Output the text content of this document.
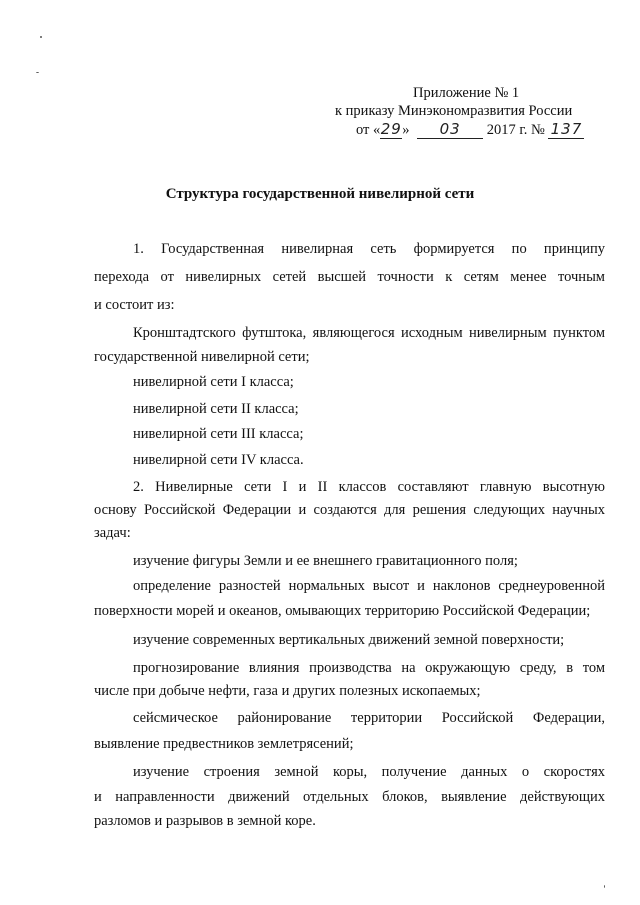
Приложение № 1
к приказу Минэкономразвития России
от «29» 03 2017 г. № 137
Структура государственной нивелирной сети
1. Государственная нивелирная сеть формируется по принципу
перехода от нивелирных сетей высшей точности к сетям менее точным
и состоит из:
Кронштадтского футштока, являющегося исходным нивелирным пунктом
государственной нивелирной сети;
нивелирной сети I класса;
нивелирной сети II класса;
нивелирной сети III класса;
нивелирной сети IV класса.
2. Нивелирные сети I и II классов составляют главную высотную
основу Российской Федерации и создаются для решения следующих научных
задач:
изучение фигуры Земли и ее внешнего гравитационного поля;
определение разностей нормальных высот и наклонов среднеуровенной
поверхности морей и океанов, омывающих территорию Российской Федерации;
изучение современных вертикальных движений земной поверхности;
прогнозирование влияния производства на окружающую среду, в том
числе при добыче нефти, газа и других полезных ископаемых;
сейсмическое районирование территории Российской Федерации,
выявление предвестников землетрясений;
изучение строения земной коры, получение данных о скоростях
и направленности движений отдельных блоков, выявление действующих
разломов и разрывов в земной коре.
